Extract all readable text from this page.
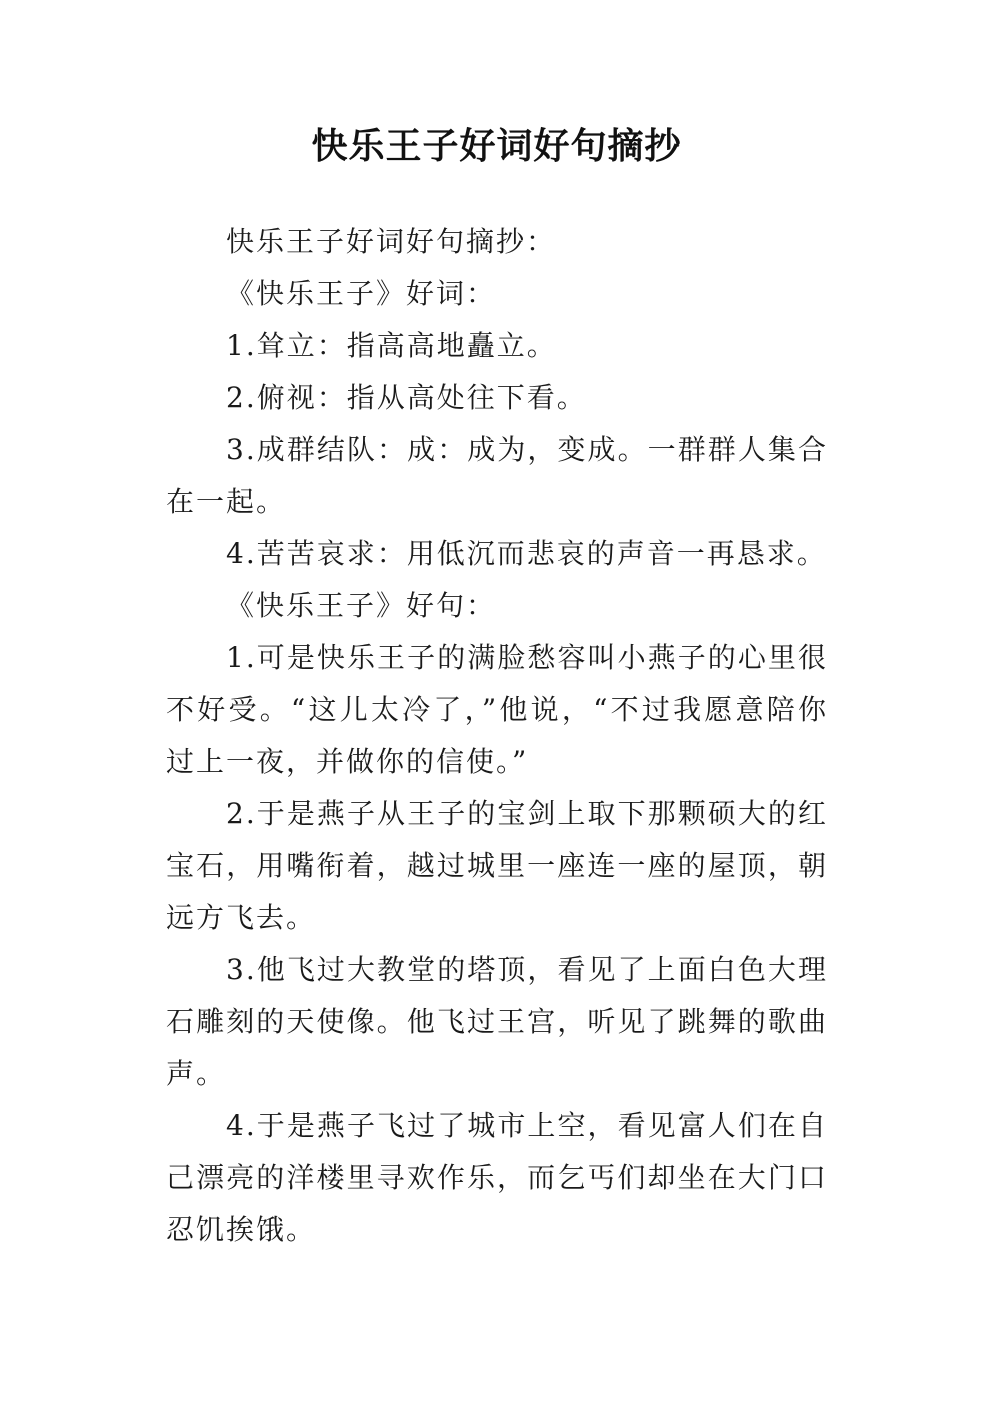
快乐王子好词好句摘抄

快乐王子好词好句摘抄：

《快乐王子》好词：

1.耸立：指高高地矗立。

2.俯视：指从高处往下看。

3.成群结队：成：成为，变成。一群群人集合在一起。

4.苦苦哀求：用低沉而悲哀的声音一再恳求。

《快乐王子》好句：

1.可是快乐王子的满脸愁容叫小燕子的心里很不好受。“这儿太冷了，”他说，“不过我愿意陪你过上一夜，并做你的信使。”

2.于是燕子从王子的宝剑上取下那颗硕大的红宝石，用嘴衔着，越过城里一座连一座的屋顶，朝远方飞去。

3.他飞过大教堂的塔顶，看见了上面白色大理石雕刻的天使像。他飞过王宫，听见了跳舞的歌曲声。

4.于是燕子飞过了城市上空，看见富人们在自己漂亮的洋楼里寻欢作乐，而乞丐们却坐在大门口忍饥挨饿。
